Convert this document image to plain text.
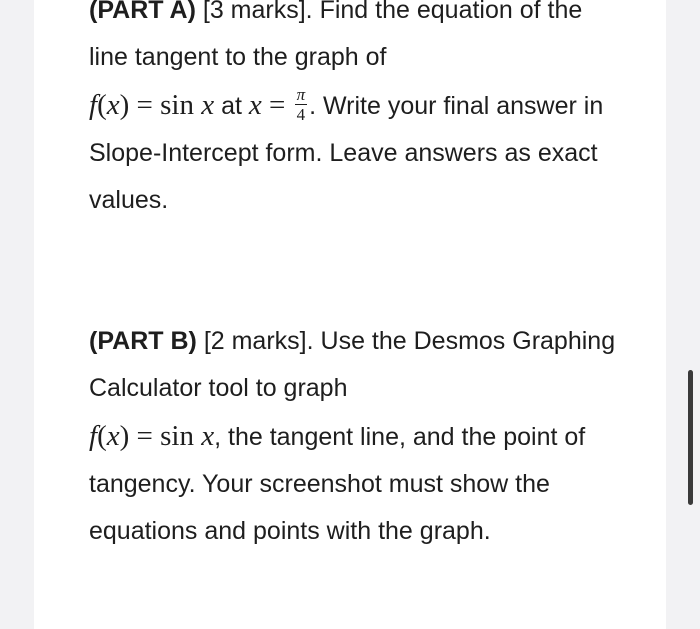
(PART A) [3 marks]. Find the equation of the line tangent to the graph of
f(x) = sin x at $x = \frac{\pi}{4}$ . Write your final answer in Slope-Intercept form. Leave answers as exact values.

(PART B) [2 marks]. Use the Desmos Graphing Calculator tool to graph
f(x) = sin x, the tangent line, and the point of tangency. Your screenshot must show the equations and points with the graph.
